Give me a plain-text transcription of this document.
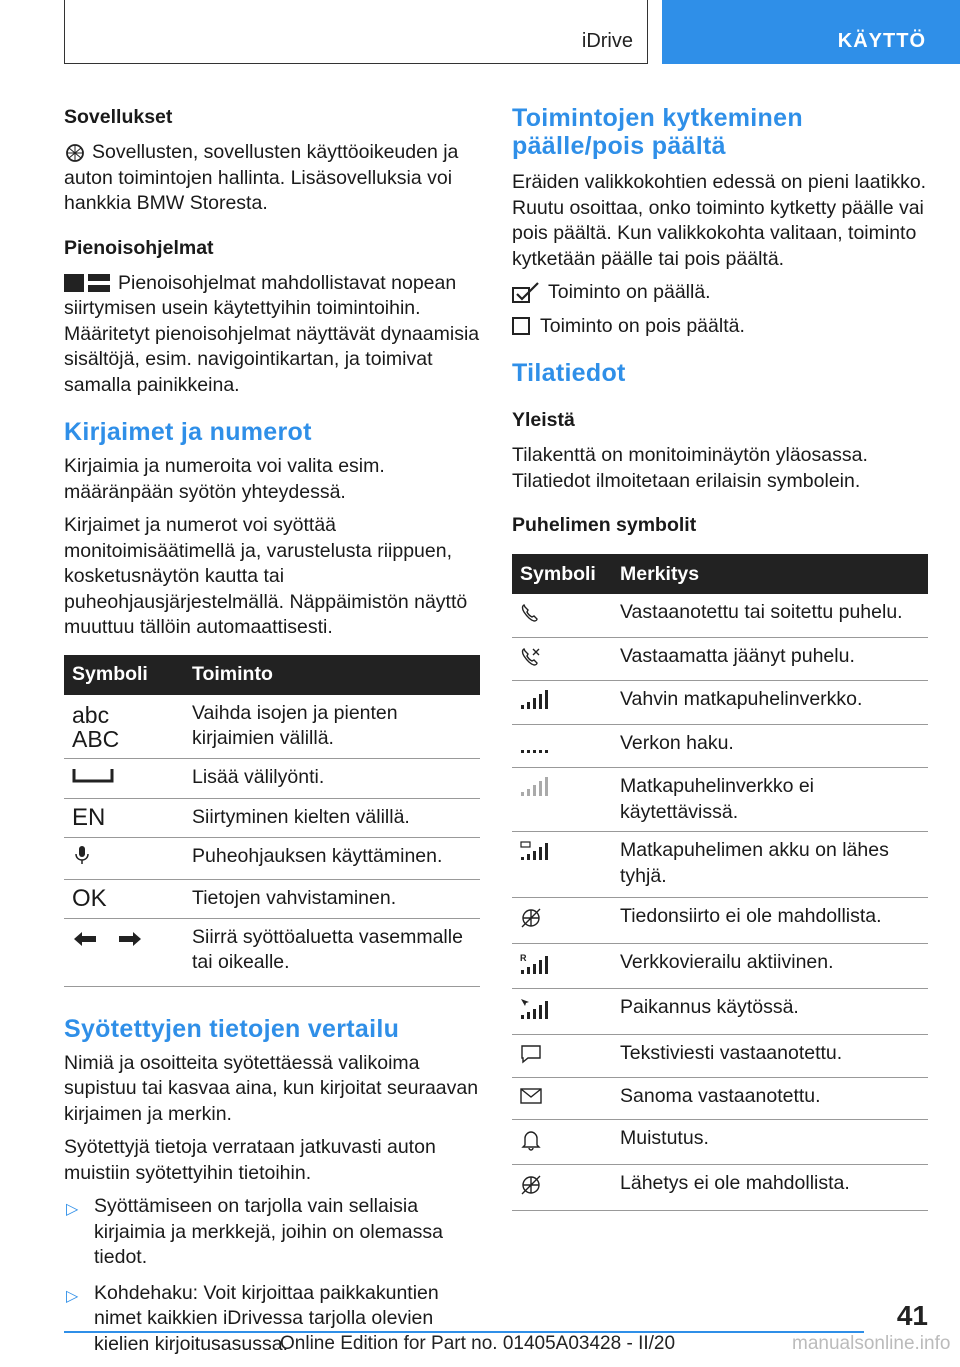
iDrive	KÄYTTÖ
Sovellukset

Sovellusten, sovellusten käyttöoikeuden ja auton toimintojen hallinta. Lisäsovelluksia voi hankkia BMW Storesta.

Pienoisohjelmat

Pienoisohjelmat mahdollistavat nopean siirtymisen usein käytettyihin toimintoihin. Määritetyt pienoisohjelmat näyttävät dynaamisia sisältöjä, esim. navigointikartan, ja toimivat samalla painikkeina.

Kirjaimet ja numerot

Kirjaimia ja numeroita voi valita esim. määränpään syötön yhteydessä.

Kirjaimet ja numerot voi syöttää monitoimisäätimellä ja, varustelusta riippuen, kosketusnäytön kautta tai puheohjausjärjestelmällä. Näppäimistön näyttö muuttuu tällöin automaattisesti.

Symboli	Toiminto

abc
ABC	Vaihda isojen ja pienten kirjaimien välillä.
	Lisää välilyönti.
EN	Siirtyminen kielten välillä.
	Puheohjauksen käyttäminen.
OK	Tietojen vahvistaminen.
	Siirrä syöttöaluetta vasemmalle tai oikealle.
Syötettyjen tietojen vertailu

Nimiä ja osoitteita syötettäessä valikoima supistuu tai kasvaa aina, kun kirjoitat seuraavan kirjaimen ja merkin.

Syötettyjä tietoja verrataan jatkuvasti auton muistiin syötettyihin tietoihin.

▷ Syöttämiseen on tarjolla vain sellaisia kirjaimia ja merkkejä, joihin on olemassa tiedot.
▷ Kohdehaku: Voit kirjoittaa paikkakuntien nimet kaikkien iDrivessa tarjolla olevien kielien kirjoitusasussa.
Toimintojen kytkeminen päälle/pois päältä

Eräiden valikkokohtien edessä on pieni laatikko. Ruutu osoittaa, onko toiminto kytketty päälle vai pois päältä. Kun valikkokohta valitaan, toiminto kytketään päälle tai pois päältä.

Toiminto on päällä.

Toiminto on pois päältä.

Tilatiedot
Yleistä

Tilakenttä on monitoiminäytön yläosassa. Tilatiedot ilmoitetaan erilaisin symbolein.

Puhelimen symbolit
Symboli	Merkitys
	Vastaanotettu tai soitettu puhelu.
	Vastaamatta jäänyt puhelu.
	Vahvin matkapuhelinverkko.
	Verkon haku.
	Matkapuhelinverkko ei käytettävissä.
	Matkapuhelimen akku on lähes tyhjä.
	Tiedonsiirto ei ole mahdollista.

R	Verkkovierailu aktiivinen.
	Paikannus käytössä.
	Tekstiviesti vastaanotettu.
	Sanoma vastaanotettu.
	Muistutus.
	Lähetys ei ole mahdollista.
41
Online Edition for Part no. 01405A03428 - II/20	manualsonline.info
